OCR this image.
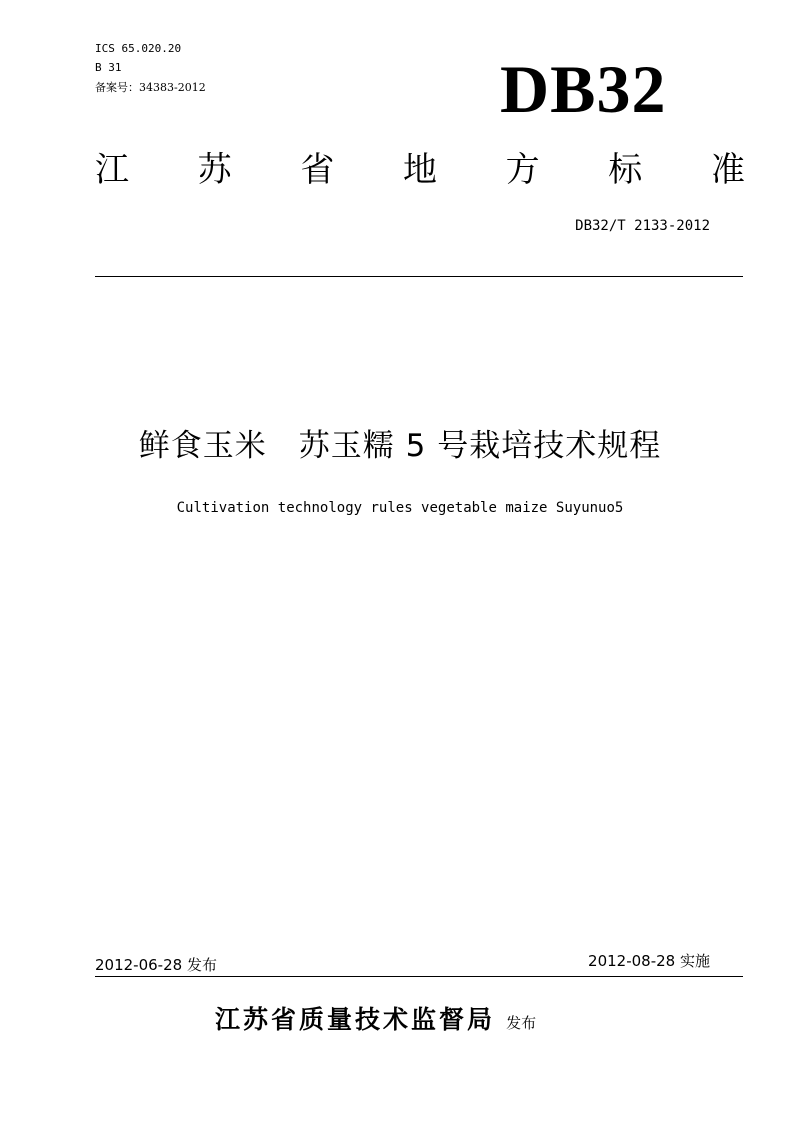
ICS 65.020.20
B 31
备案号：34383-2012	DB32
江 苏 省 地 方 标 准
DB32/T 2133-2012
鲜食玉米　苏玉糯 5 号栽培技术规程
Cultivation technology rules vegetable maize Suyunuo5
2012-06-28 发布	2012-08-28 实施
江苏省质量技术监督局 发布
